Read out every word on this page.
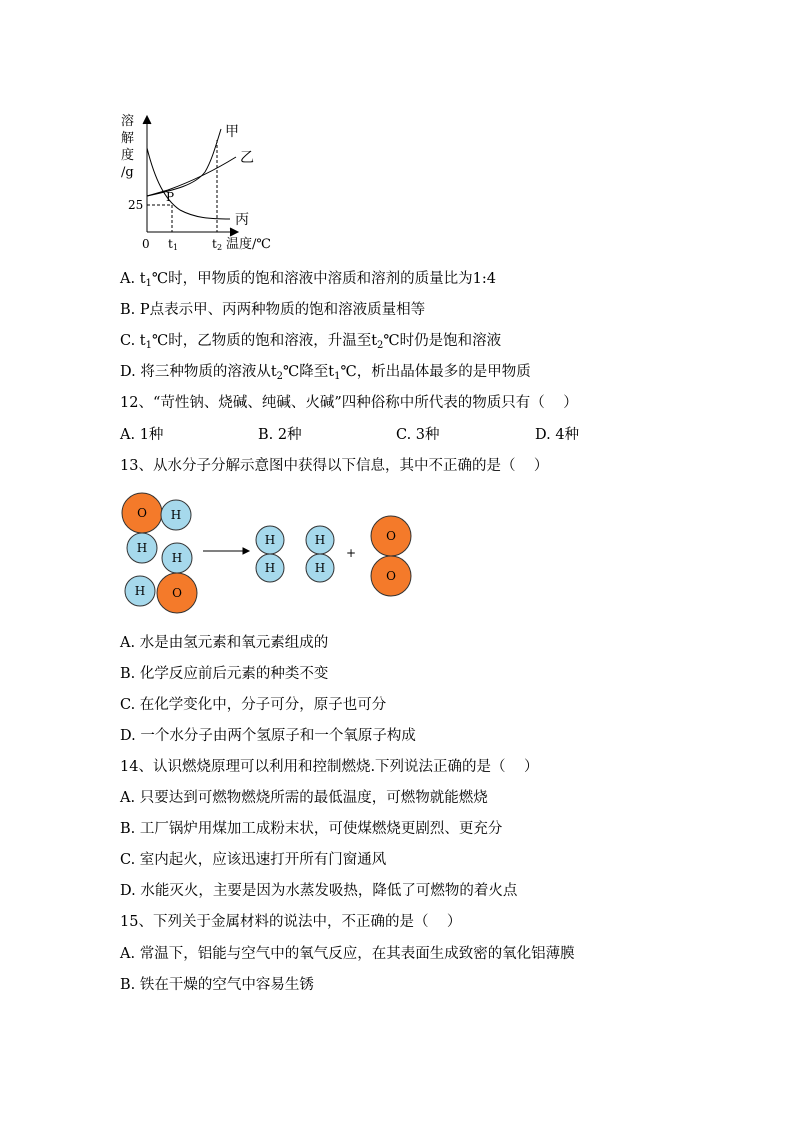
溶
解
度
/g
25
0 t 1	t 2 温度/℃
甲
乙
丙
P
A. $t_1℃$时，甲物质的饱和溶液中溶质和溶剂的质量比为1:4
B. P点表示甲、丙两种物质的饱和溶液质量相等
C. $t_1℃$时，乙物质的饱和溶液，升温至$t_2℃$时仍是饱和溶液
D. 将三种物质的溶液从$t_2℃$降至$t_1℃$，析出晶体最多的是甲物质
12、“苛性钠、烧碱、纯碱、火碱”四种俗称中所代表的物质只有（    ）
A. 1种	B. 2种	C. 3种	D. 4种
13、从水分子分解示意图中获得以下信息，其中不正确的是（    ）
O H
H
H
H O
H
H
H
H
O
O
+
A. 水是由氢元素和氧元素组成的
B. 化学反应前后元素的种类不变
C. 在化学变化中，分子可分，原子也可分
D. 一个水分子由两个氢原子和一个氧原子构成
14、认识燃烧原理可以利用和控制燃烧.下列说法正确的是（    ）
A. 只要达到可燃物燃烧所需的最低温度，可燃物就能燃烧
B. 工厂锅炉用煤加工成粉末状，可使煤燃烧更剧烈、更充分
C. 室内起火，应该迅速打开所有门窗通风
D. 水能灭火，主要是因为水蒸发吸热，降低了可燃物的着火点
15、下列关于金属材料的说法中，不正确的是（    ）
A. 常温下，铝能与空气中的氧气反应，在其表面生成致密的氧化铝薄膜
B. 铁在干燥的空气中容易生锈
